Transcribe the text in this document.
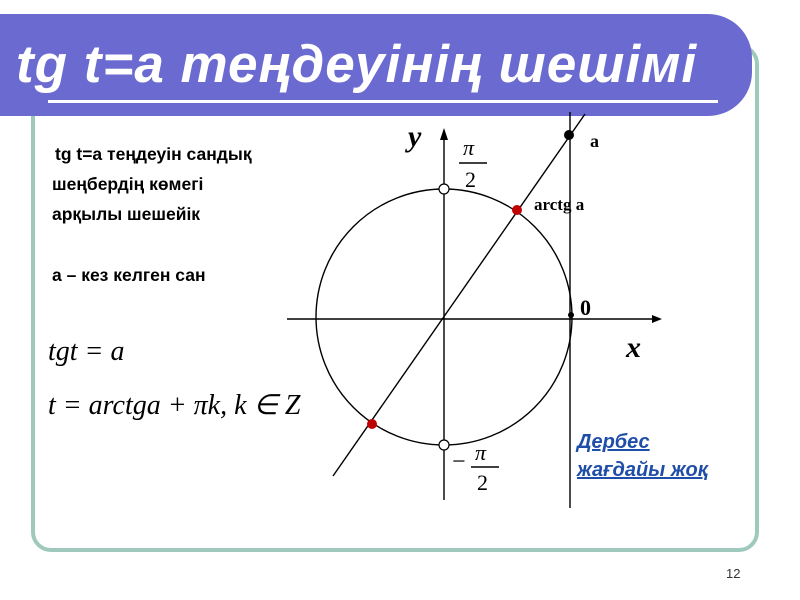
tg t=a теңдеуінің шешімі
tg t=a теңдеуін сандық
шеңбердің көмегі
арқылы шешейік
а – кез келген сан
tgt = a
t = arctga + πk, k ∈ Z
y
x
π
2
− π
2
0
a
arctg a
Дербес
жағдайы жоқ
12
